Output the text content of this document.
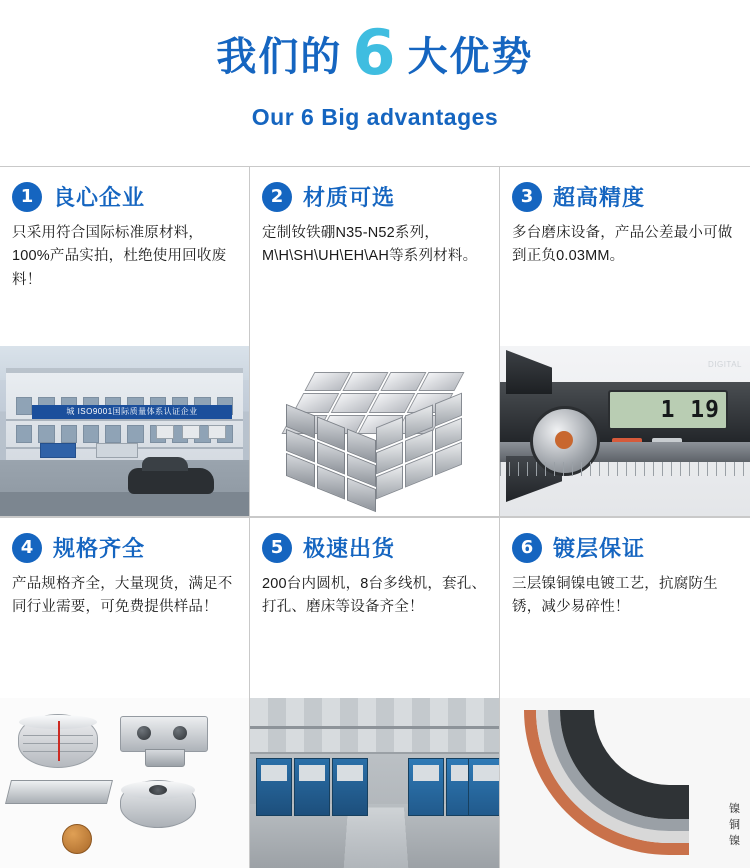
我们的 6 大优势
Our 6 Big advantages
1 良心企业
只采用符合国际标准原材料，100%产品实拍，杜绝使用回收废料！
城 ISO9001国际质量体系认证企业
2 材质可选
定制钕铁硼N35-N52系列，M\H\SH\UH\EH\AH等系列材料。
3 超高精度
多台磨床设备，产品公差最小可做到正负0.03MM。
DIGITAL
1 19
4 规格齐全
产品规格齐全，大量现货，满足不同行业需要，可免费提供样品！
5 极速出货
200台内圆机，8台多线机，套孔、打孔、磨床等设备齐全！
6 镀层保证
三层镍铜镍电镀工艺，抗腐防生锈，减少易碎性！
镍
铜
镍
